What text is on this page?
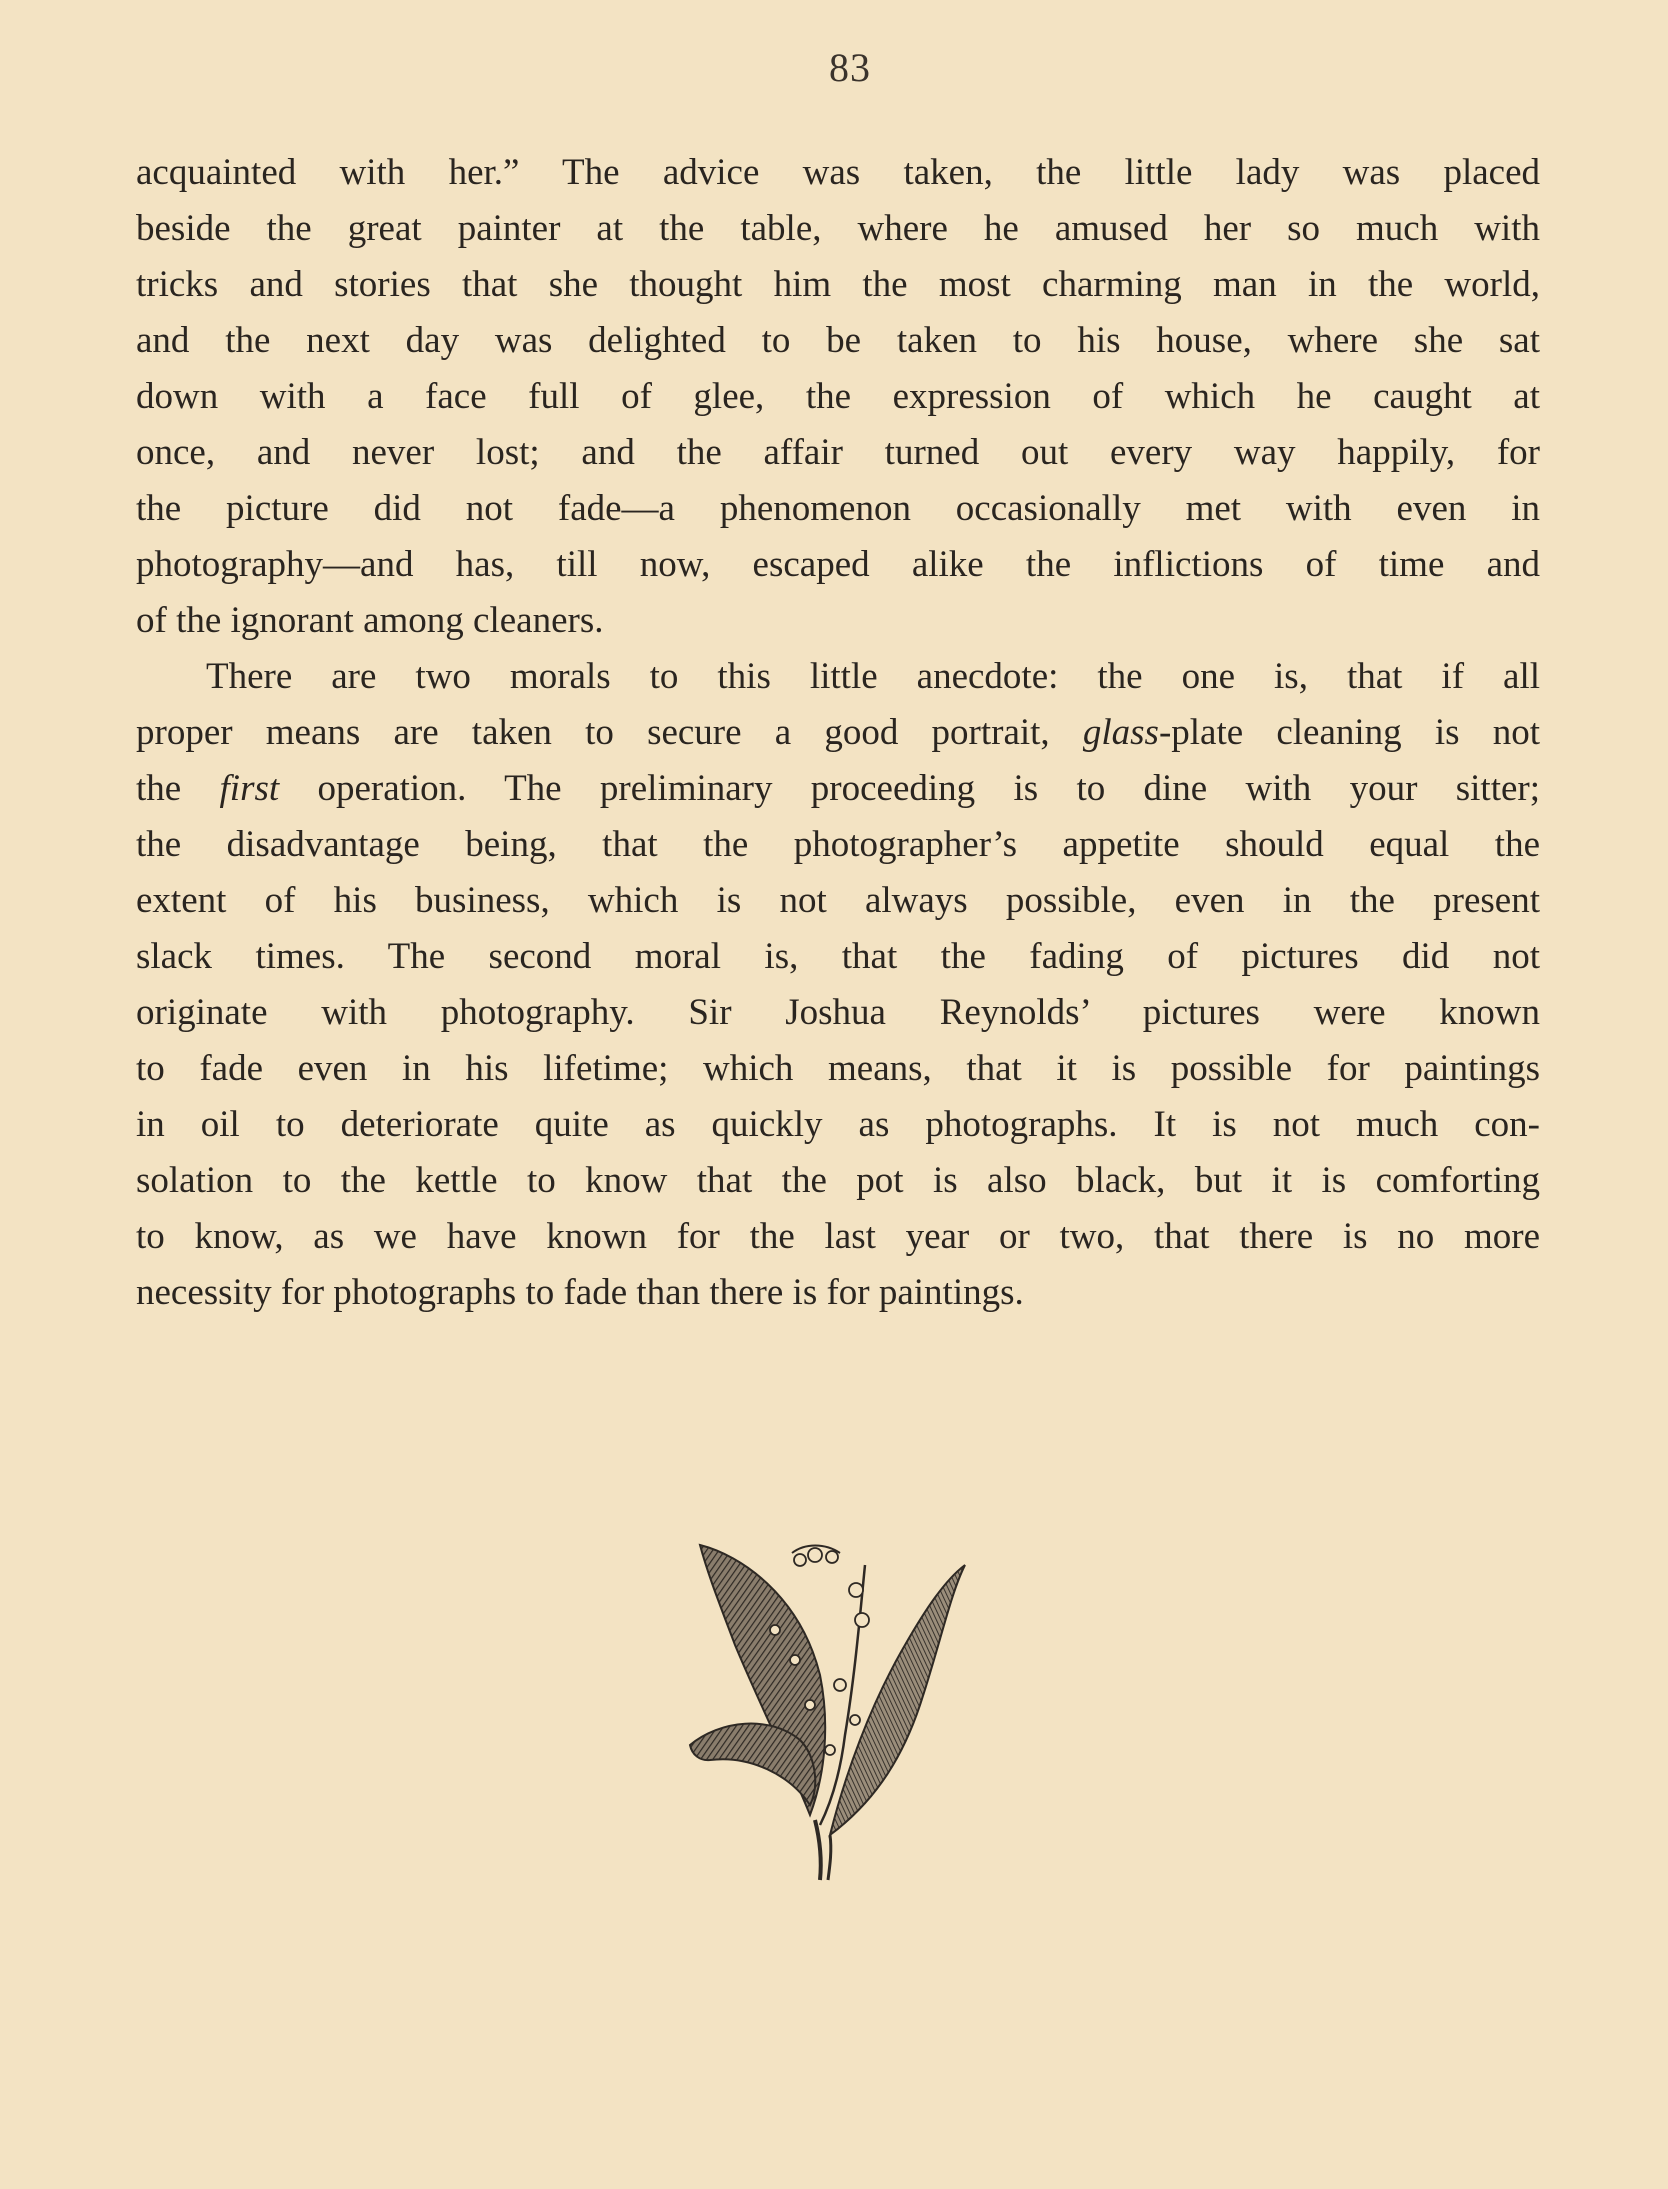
83
acquainted with her.” The advice was taken, the little lady was placed
beside the great painter at the table, where he amused her so much with
tricks and stories that she thought him the most charming man in the world,
and the next day was delighted to be taken to his house, where she sat
down with a face full of glee, the expression of which he caught at
once, and never lost; and the affair turned out every way happily, for
the picture did not fade—a phenomenon occasionally met with even in
photography—and has, till now, escaped alike the inflictions of time and
of the ignorant among cleaners.
There are two morals to this little anecdote: the one is, that if all
proper means are taken to secure a good portrait, glass-plate cleaning is not
the first operation. The preliminary proceeding is to dine with your sitter;
the disadvantage being, that the photographer’s appetite should equal the
extent of his business, which is not always possible, even in the present
slack times. The second moral is, that the fading of pictures did not
originate with photography. Sir Joshua Reynolds’ pictures were known
to fade even in his lifetime; which means, that it is possible for paintings
in oil to deteriorate quite as quickly as photographs. It is not much con-
solation to the kettle to know that the pot is also black, but it is comforting
to know, as we have known for the last year or two, that there is no more
necessity for photographs to fade than there is for paintings.
